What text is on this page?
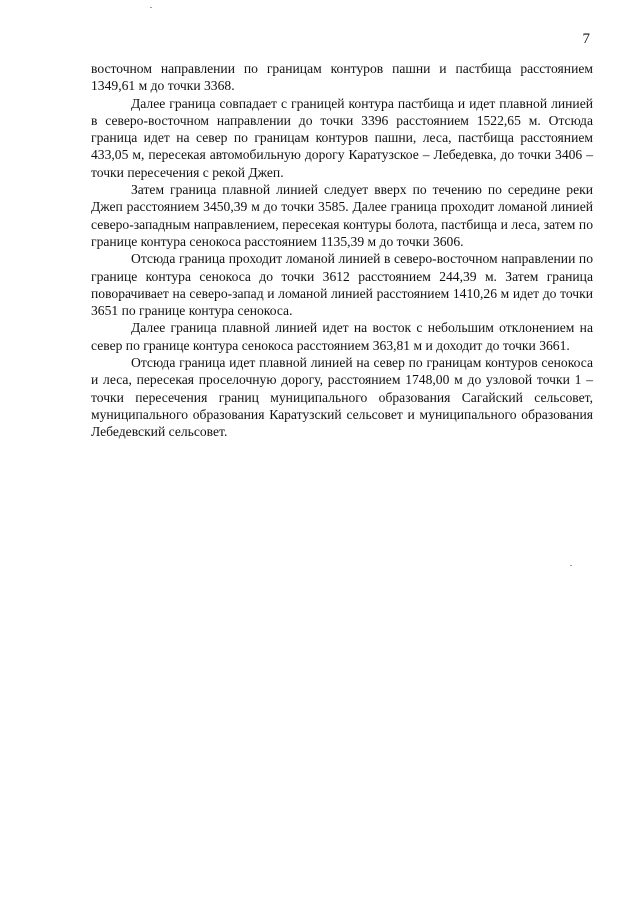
7

восточном направлении по границам контуров пашни и пастбища расстоянием 1349,61 м до точки 3368.

Далее граница совпадает с границей контура пастбища и идет плавной линией в северо-восточном направлении до точки 3396 расстоянием 1522,65 м. Отсюда граница идет на север по границам контуров пашни, леса, пастбища расстоянием 433,05 м, пересекая автомобильную дорогу Каратузское – Лебедевка, до точки 3406 – точки пересечения с рекой Джеп.

Затем граница плавной линией следует вверх по течению по середине реки Джеп расстоянием 3450,39 м до точки 3585. Далее граница проходит ломаной линией северо-западным направлением, пересекая контуры болота, пастбища и леса, затем по границе контура сенокоса расстоянием 1135,39 м до точки 3606.

Отсюда граница проходит ломаной линией в северо-восточном направлении по границе контура сенокоса до точки 3612 расстоянием 244,39 м. Затем граница поворачивает на северо-запад и ломаной линией расстоянием 1410,26 м идет до точки 3651 по границе контура сенокоса.

Далее граница плавной линией идет на восток с небольшим отклонением на север по границе контура сенокоса расстоянием 363,81 м и доходит до точки 3661.

Отсюда граница идет плавной линией на север по границам контуров сенокоса и леса, пересекая проселочную дорогу, расстоянием 1748,00 м до узловой точки 1 – точки пересечения границ муниципального образования Сагайский сельсовет, муниципального образования Каратузский сельсовет и муниципального образования Лебедевский сельсовет.
